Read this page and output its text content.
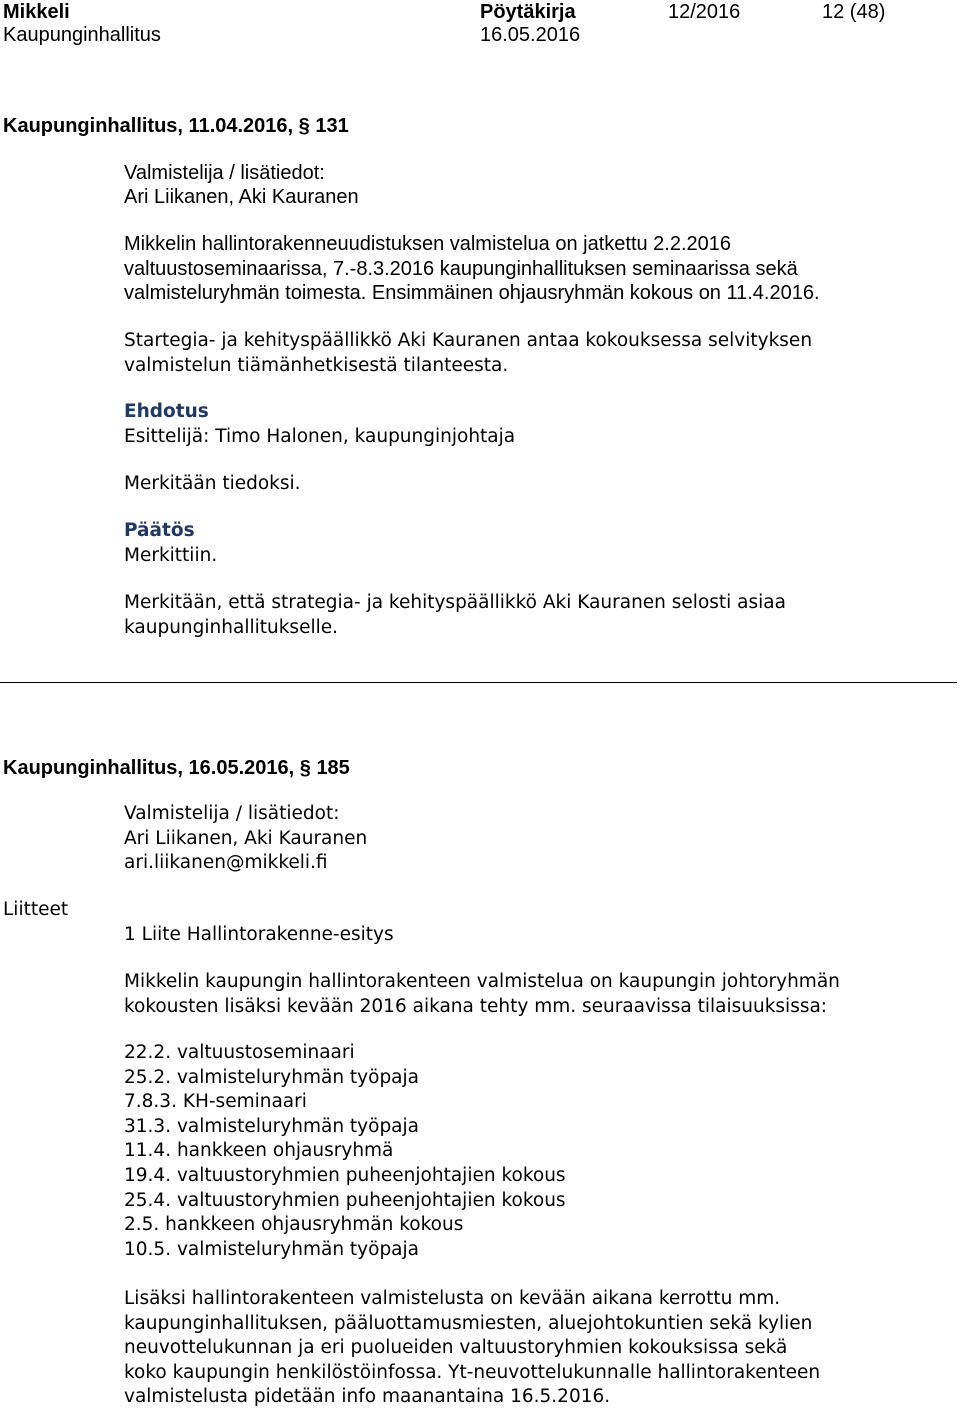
Mikkeli	Pöytäkirja	12/2016	12 (48)
Kaupunginhallitus	16.05.2016
Kaupunginhallitus, 11.04.2016, § 131
Valmistelija / lisätiedot:
Ari Liikanen, Aki Kauranen
Mikkelin hallintorakenneuudistuksen valmistelua on jatkettu 2.2.2016
valtuustoseminaarissa, 7.-8.3.2016 kaupunginhallituksen seminaarissa sekä
valmisteluryhmän toimesta. Ensimmäinen ohjausryhmän kokous on 11.4.2016.
Startegia- ja kehityspäällikkö Aki Kauranen antaa kokouksessa selvityksen
valmistelun tiämänhetkisestä tilanteesta.
Ehdotus
Esittelijä: Timo Halonen, kaupunginjohtaja
Merkitään tiedoksi.
Päätös
Merkittiin.
Merkitään, että strategia- ja kehityspäällikkö Aki Kauranen selosti asiaa
kaupunginhallitukselle.
Kaupunginhallitus, 16.05.2016, § 185
Valmistelija / lisätiedot:
Ari Liikanen, Aki Kauranen
ari.liikanen@mikkeli.fi
Liitteet
1 Liite Hallintorakenne-esitys
Mikkelin kaupungin hallintorakenteen valmistelua on kaupungin johtoryhmän
kokousten lisäksi kevään 2016 aikana tehty mm. seuraavissa tilaisuuksissa:
22.2. valtuustoseminaari
25.2. valmisteluryhmän työpaja
7.8.3. KH-seminaari
31.3. valmisteluryhmän työpaja
11.4. hankkeen ohjausryhmä
19.4. valtuustoryhmien puheenjohtajien kokous
25.4. valtuustoryhmien puheenjohtajien kokous
2.5. hankkeen ohjausryhmän kokous
10.5. valmisteluryhmän työpaja
Lisäksi hallintorakenteen valmistelusta on kevään aikana kerrottu mm.
kaupunginhallituksen, pääluottamusmiesten, aluejohtokuntien sekä kylien
neuvottelukunnan ja eri puolueiden valtuustoryhmien kokouksissa sekä
koko kaupungin henkilöstöinfossa. Yt-neuvottelukunnalle hallintorakenteen
valmistelusta pidetään info maanantaina 16.5.2016.
